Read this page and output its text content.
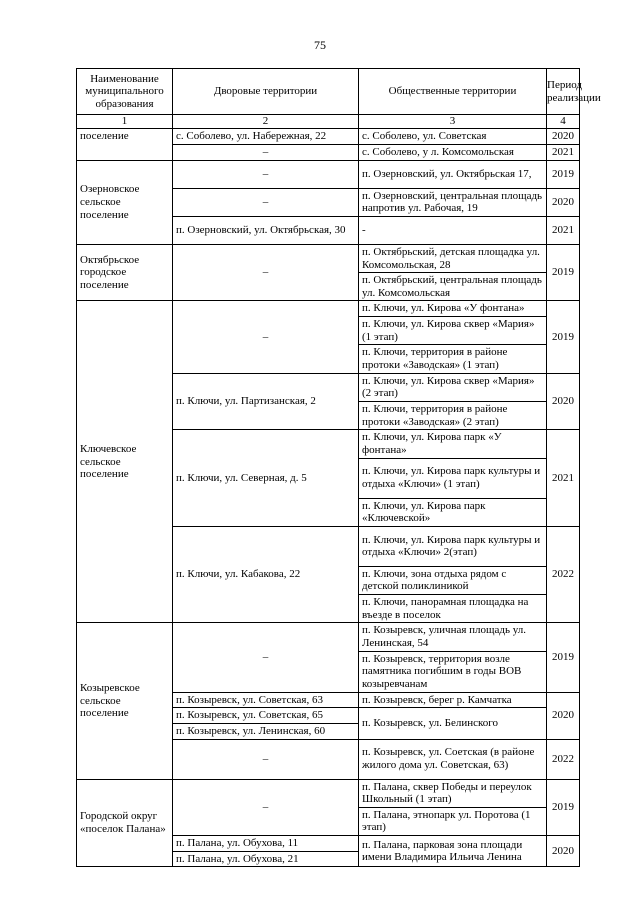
75
Наименование муниципального образования	Дворовые территории	Общественные территории	Период реализации
1	2	3	4
поселение	с. Соболево, ул. Набережная, 22	с. Соболево, ул. Советская	2020
	–	с. Соболево, у л. Комсомольская	2021
Озерновское сельское поселение	–	п. Озерновский, ул. Октябрьская 17,	2019
	–	п. Озерновский, центральная площадь напротив ул. Рабочая, 19	2020
	п. Озерновский, ул. Октябрьская, 30	-	2021
Октябрьское городское поселение	–	п. Октябрьский, детская площадка ул. Комсомольская, 28	2019
		п. Октябрьский, центральная площадь ул. Комсомольская	
Ключевское сельское поселение	–	п. Ключи, ул. Кирова «У фонтана»	2019
		п. Ключи, ул. Кирова сквер «Мария» (1 этап)	
		п. Ключи, территория в районе протоки «Заводская» (1 этап)	
	п. Ключи, ул. Партизанская, 2	п. Ключи, ул. Кирова сквер «Мария» (2 этап)	2020
		п. Ключи, территория в районе протоки «Заводская» (2 этап)	
	п. Ключи, ул. Северная, д. 5	п. Ключи, ул. Кирова парк «У фонтана»	2021
		п. Ключи, ул. Кирова парк культуры и отдыха «Ключи» (1 этап)	
		п. Ключи, ул. Кирова парк «Ключевской»	
	п. Ключи, ул. Кабакова, 22	п. Ключи, ул. Кирова парк культуры и отдыха «Ключи» 2(этап)	2022
		п. Ключи, зона отдыха рядом с детской поликлиникой	
		п. Ключи, панорамная площадка на въезде в поселок	
Козыревское сельское поселение	–	п. Козыревск, уличная площадь ул. Ленинская, 54	2019
		п. Козыревск, территория возле памятника погибшим в годы ВОВ козыревчанам	
	п. Козыревск, ул. Советская, 63	п. Козыревск, берег р. Камчатка	2020
	п. Козыревск, ул. Советская, 65	п. Козыревск, ул. Белинского	
	п. Козыревск, ул. Ленинская, 60		
	–	п. Козыревск, ул. Соетская (в районе жилого дома ул. Советская, 63)	2022
Городской округ «поселок Палана»	–	п. Палана, сквер Победы и переулок Школьный (1 этап)	2019
		п. Палана, этнопарк ул. Поротова (1 этап)	
	п. Палана, ул. Обухова, 11	п. Палана, парковая зона площади имени Владимира Ильича Ленина	2020
	п. Палана, ул. Обухова, 21		
